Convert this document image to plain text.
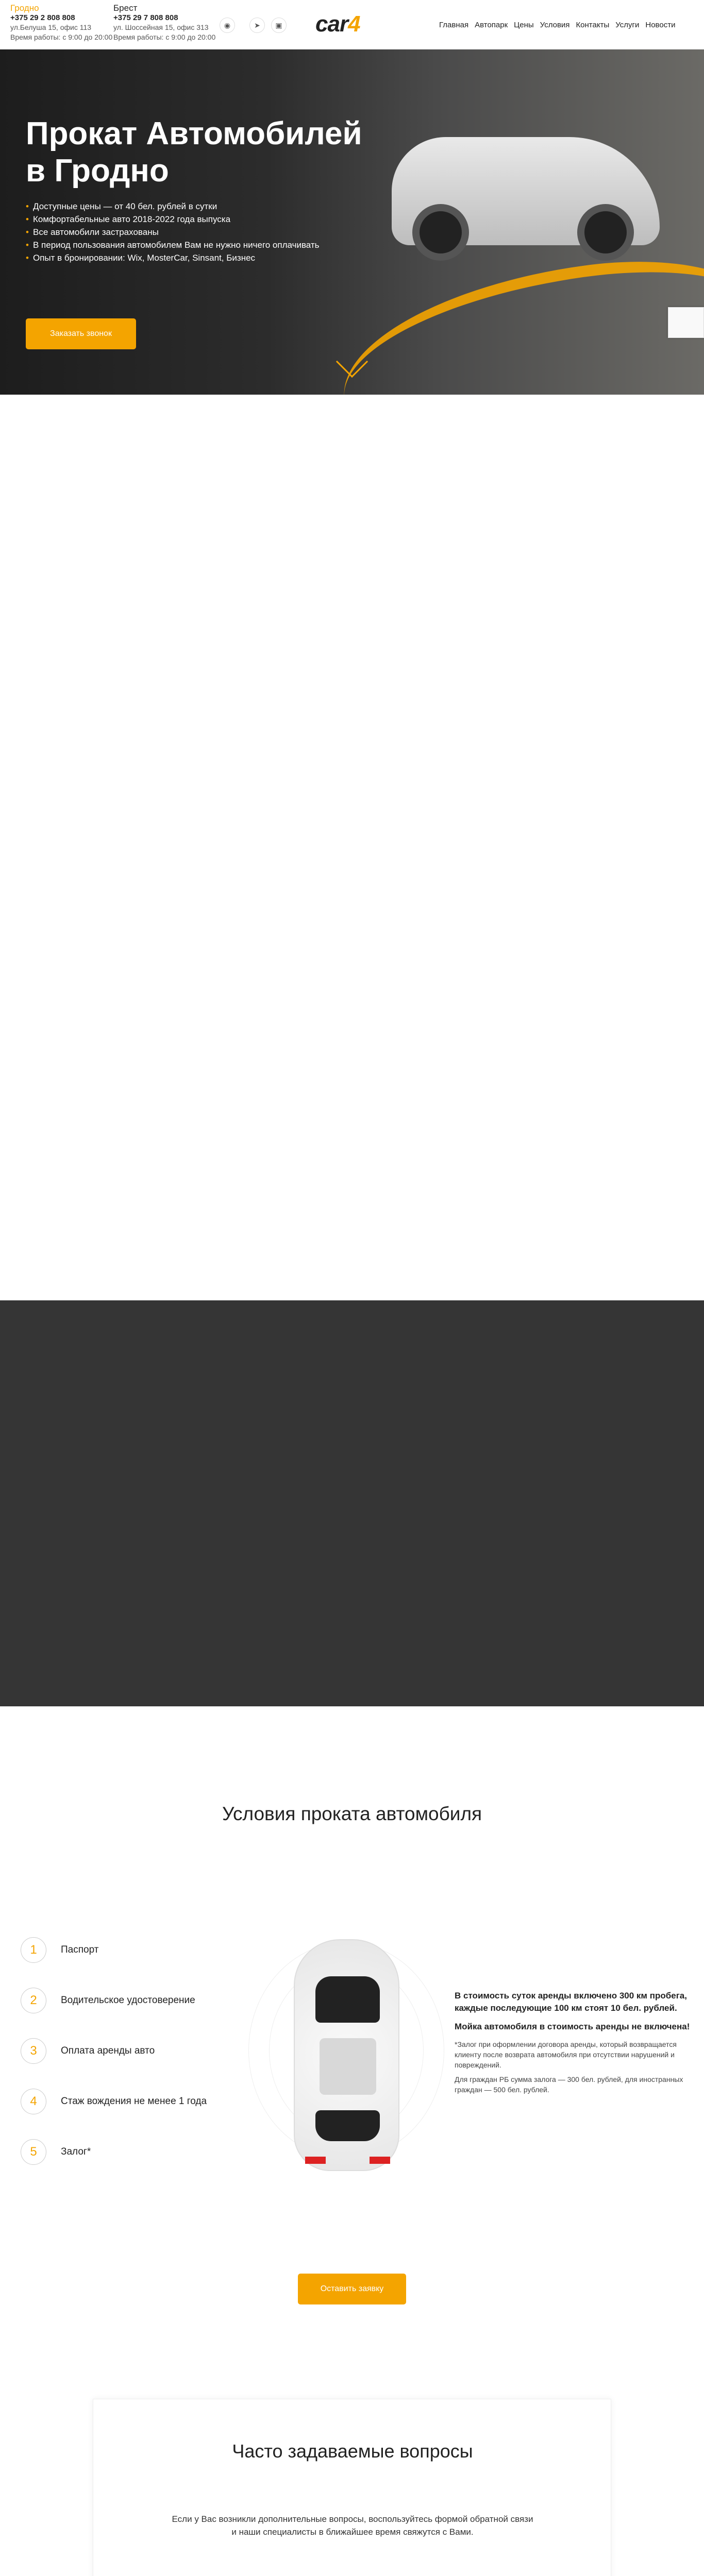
Гродно
+375 29 2 808 808
ул.Белуша 15, офис 113
Время работы: с 9:00 до 20:00
Брест
+375 29 7 808 808
ул. Шоссейная 15, офис 313
Время работы: с 9:00 до 20:00
◉	➤	▣ car4	Главная Автопарк Цены Условия Контакты Услуги Новости
Прокат Автомобилей
в Гродно
• Доступные цены — от 40 бел. рублей в сутки
• Комфортабельные авто 2018-2022 года выпуска
• Все автомобили застрахованы
• В период пользования автомобилем Вам не нужно ничего оплачивать
• Опыт в бронировании: Wix, MosterCar, Sinsant, Бизнес
Заказать звонок
Условия проката автомобиля
1	Паспорт
2	Водительское удостоверение
3	Оплата аренды авто
4	Стаж вождения не менее 1 года
5	Залог*

В стоимость суток аренды включено 300 км пробега, каждые последующие 100 км стоят 10 бел. рублей.

Мойка автомобиля в стоимость аренды не включена!

*Залог при оформлении договора аренды, который возвращается клиенту после возврата автомобиля при отсутствии нарушений и повреждений.

Для граждан РБ сумма залога — 300 бел. рублей, для иностранных граждан — 500 бел. рублей.

Оставить заявку
Часто задаваемые вопросы
Если у Вас возникли дополнительные вопросы, воспользуйтесь формой обратной связи и наши специалисты в ближайшее время свяжутся с Вами.
